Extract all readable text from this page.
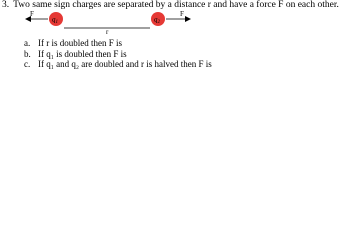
3. Two same sign charges are separated by a distance r and have a force F on each other.
F	F
$q_1$	$q_2$
r
a. If r is doubled then F is
b. If q₁ is doubled then F is
c. If q₁ and q₂ are doubled and r is halved then F is
